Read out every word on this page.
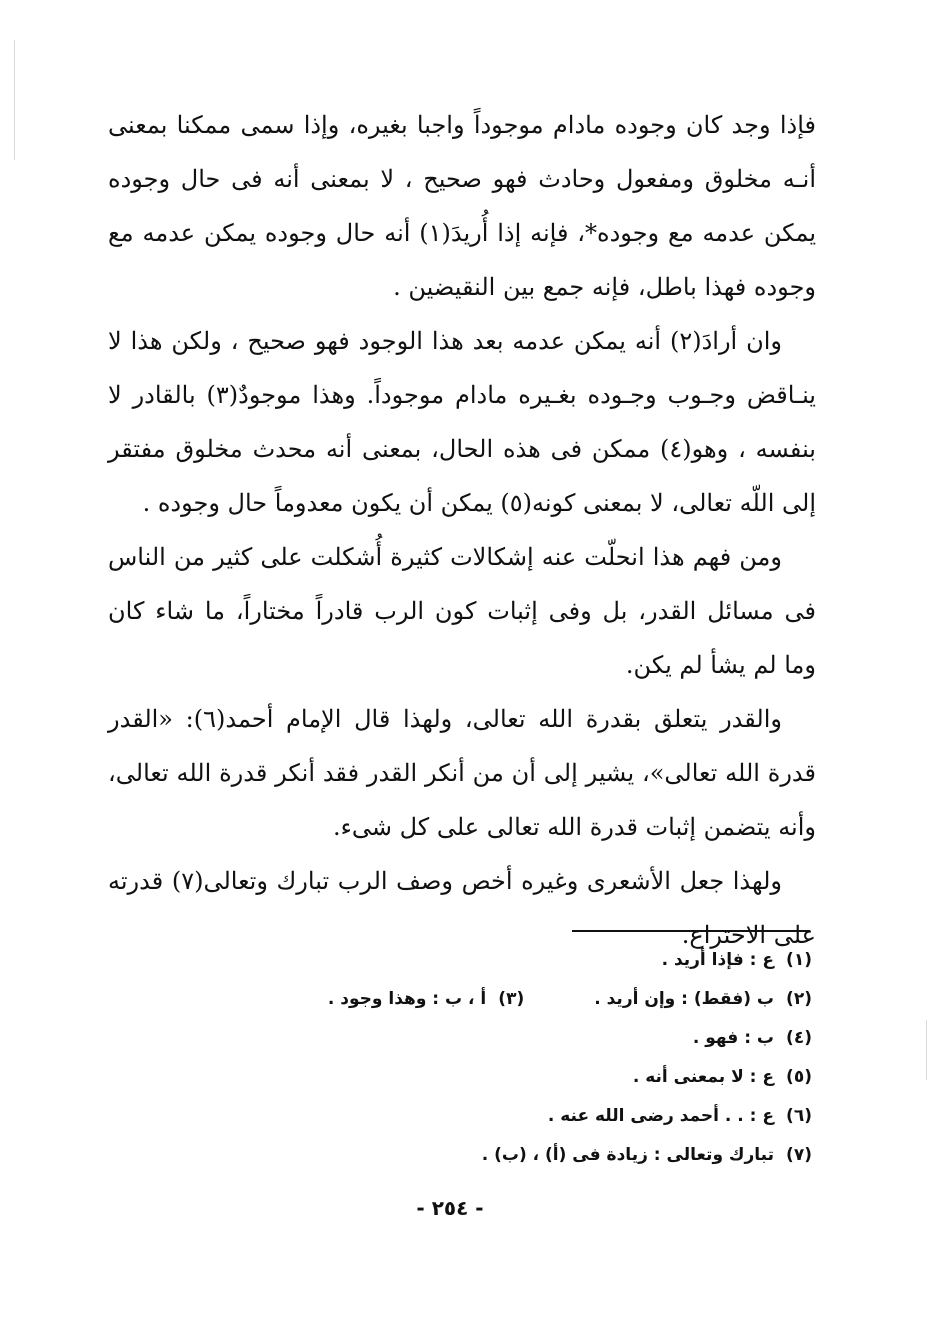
فإذا وجد كان وجوده مادام موجوداً واجبا بغيره، وإذا سمى ممكنا بمعنى أنـه مخلوق ومفعول وحادث فهو صحيح ، لا بمعنى أنه فى حال وجوده يمكن عدمه مع وجوده*، فإنه إذا أُريدَ(١) أنه حال وجوده يمكن عدمه مع وجوده فهذا باطل، فإنه جمع بين النقيضين .

وان أرادَ(٢) أنه يمكن عدمه بعد هذا الوجود فهو صحيح ، ولكن هذا لا ينـاقض وجـوب وجـوده بغـيره مادام موجوداً. وهذا موجودٌ(٣) بالقادر لا بنفسه ، وهو(٤) ممكن فى هذه الحال، بمعنى أنه محدث مخلوق مفتقر إلى اللّه تعالى، لا بمعنى كونه(٥) يمكن أن يكون معدوماً حال وجوده .

ومن فهم هذا انحلّت عنه إشكالات كثيرة أُشكلت على كثير من الناس فى مسائل القدر، بل وفى إثبات كون الرب قادراً مختاراً، ما شاء كان وما لم يشأ لم يكن.

والقدر يتعلق بقدرة الله تعالى، ولهذا قال الإمام أحمد(٦): «القدر قدرة الله تعالى»، يشير إلى أن من أنكر القدر فقد أنكر قدرة الله تعالى، وأنه يتضمن إثبات قدرة الله تعالى على كل شىء.

ولهذا جعل الأشعرى وغيره أخص وصف الرب تبارك وتعالى(٧) قدرته على الاختراع.

(١)
ع : فإذا أريد .
(٢)
ب (فقط) : وإن أريد .
(٣)
أ ، ب : وهذا وجود .
(٤)
ب : فهو .
(٥)
ع : لا بمعنى أنه .
(٦)
ع : . . أحمد رضى الله عنه .
(٧)
تبارك وتعالى : زيادة فى (أ) ، (ب) .
- ٢٥٤ -
